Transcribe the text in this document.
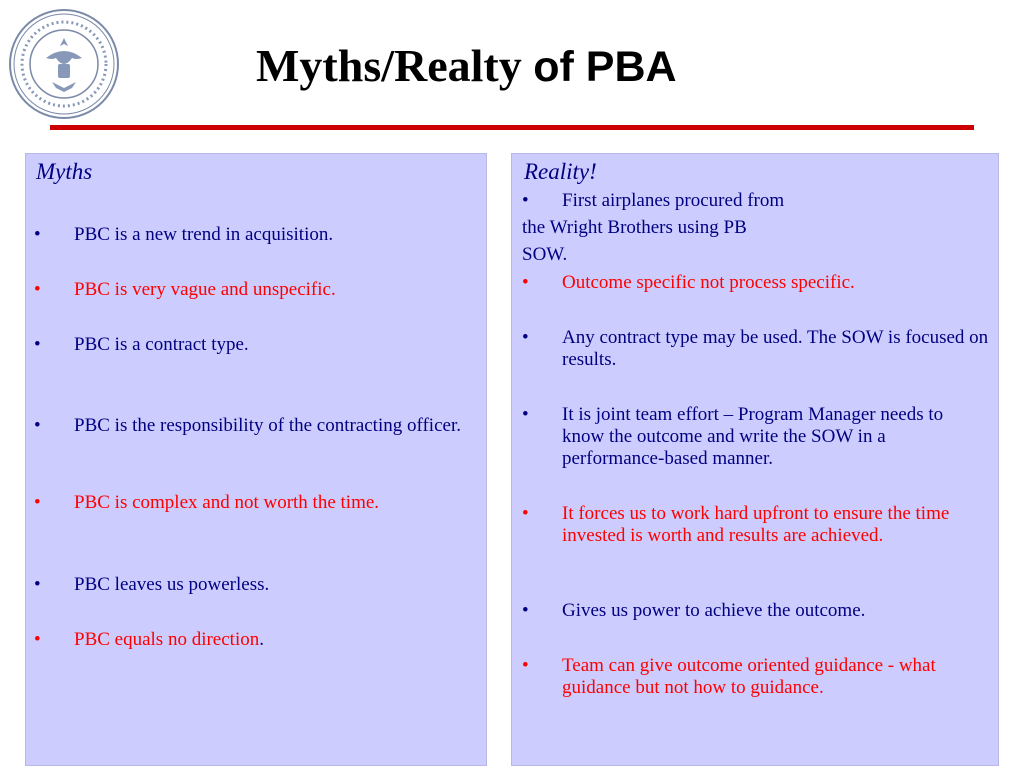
Myths/Realty of PBA
Myths
•	PBC is a new trend in acquisition.
•	PBC is very vague and unspecific.
•	PBC is a contract type.
•	PBC is the responsibility of the contracting officer.
•	PBC is complex and not worth the time.
•	PBC leaves us powerless.
•	PBC equals no direction.
Reality!
•	First airplanes procured from
the Wright Brothers using PB
SOW.
•	Outcome specific not process specific.
•	Any contract type may be used. The SOW is focused on results.
•	It is joint team effort – Program Manager needs to know the outcome and write the SOW in a performance-based manner.
•	It forces us to work hard upfront to ensure the time invested is worth and results are achieved.
•	Gives us power to achieve the outcome.
•	Team can give outcome oriented guidance - what guidance but not how to guidance.
